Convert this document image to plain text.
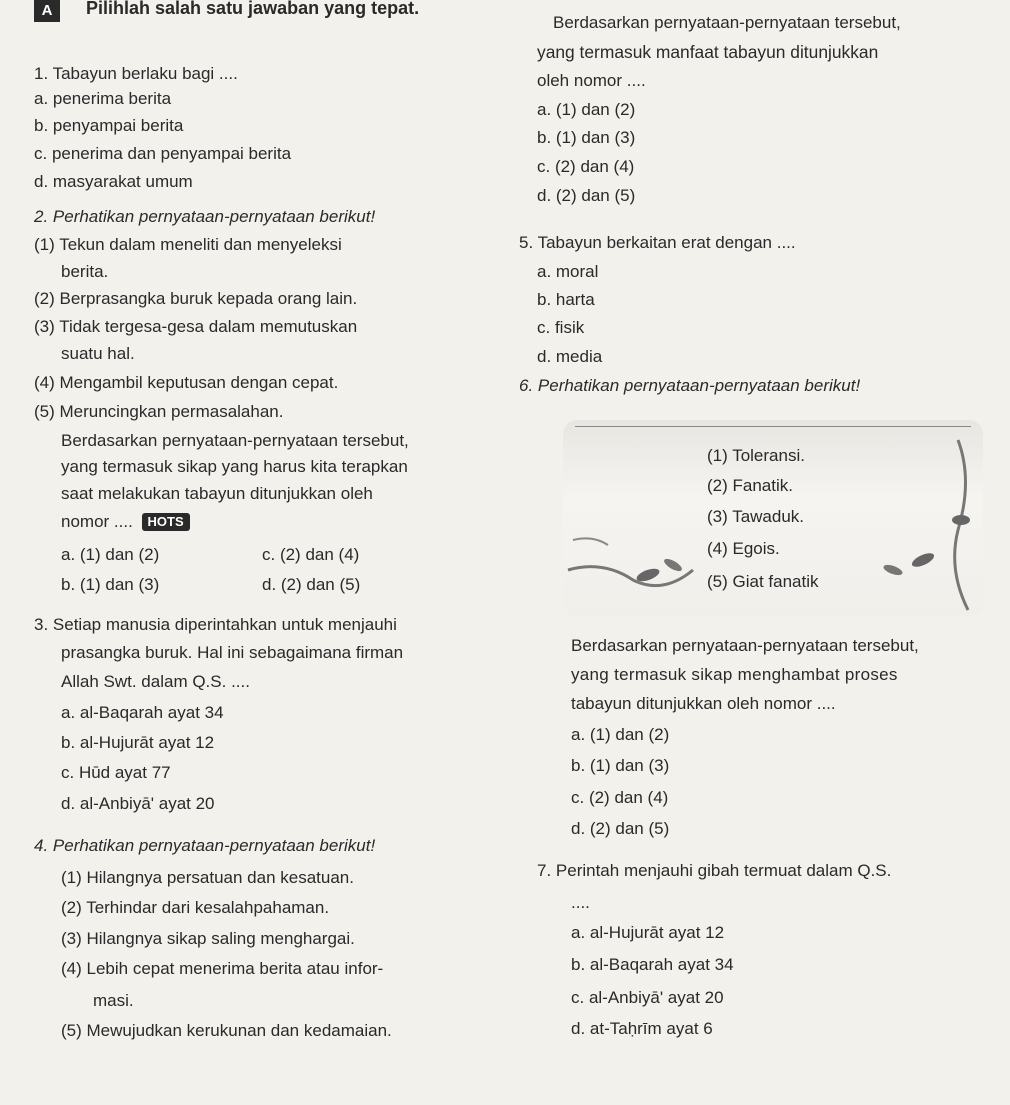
A	Pilihlah salah satu jawaban yang tepat.
1. Tabayun berlaku bagi ....
a. penerima berita
b. penyampai berita
c. penerima dan penyampai berita
d. masyarakat umum
2. Perhatikan pernyataan-pernyataan berikut!
(1) Tekun dalam meneliti dan menyeleksi
berita.
(2) Berprasangka buruk kepada orang lain.
(3) Tidak tergesa-gesa dalam memutuskan
suatu hal.
(4) Mengambil keputusan dengan cepat.
(5) Meruncingkan permasalahan.
Berdasarkan pernyataan-pernyataan tersebut,
yang termasuk sikap yang harus kita terapkan
saat melakukan tabayun ditunjukkan oleh
nomor .... HOTS
a. (1) dan (2)
b. (1) dan (3)
c. (2) dan (4)
d. (2) dan (5)
3. Setiap manusia diperintahkan untuk menjauhi
prasangka buruk. Hal ini sebagaimana firman
Allah Swt. dalam Q.S. ....
a. al-Baqarah ayat 34
b. al-Hujurāt ayat 12
c. Hūd ayat 77
d. al-Anbiyā' ayat 20
4. Perhatikan pernyataan-pernyataan berikut!
(1) Hilangnya persatuan dan kesatuan.
(2) Terhindar dari kesalahpahaman.
(3) Hilangnya sikap saling menghargai.
(4) Lebih cepat menerima berita atau infor-
masi.
(5) Mewujudkan kerukunan dan kedamaian.
Berdasarkan pernyataan-pernyataan tersebut,
yang termasuk manfaat tabayun ditunjukkan
oleh nomor ....
a. (1) dan (2)
b. (1) dan (3)
c. (2) dan (4)
d. (2) dan (5)
5. Tabayun berkaitan erat dengan ....
a. moral
b. harta
c. fisik
d. media
6. Perhatikan pernyataan-pernyataan berikut!
(1) Toleransi.
(2) Fanatik.
(3) Tawaduk.
(4) Egois.
(5) Giat fanatik
Berdasarkan pernyataan-pernyataan tersebut,
yang termasuk sikap menghambat proses
tabayun ditunjukkan oleh nomor ....
a. (1) dan (2)
b. (1) dan (3)
c. (2) dan (4)
d. (2) dan (5)
7. Perintah menjauhi gibah termuat dalam Q.S.
....
a. al-Hujurāt ayat 12
b. al-Baqarah ayat 34
c. al-Anbiyā' ayat 20
d. at-Taḥrīm ayat 6
